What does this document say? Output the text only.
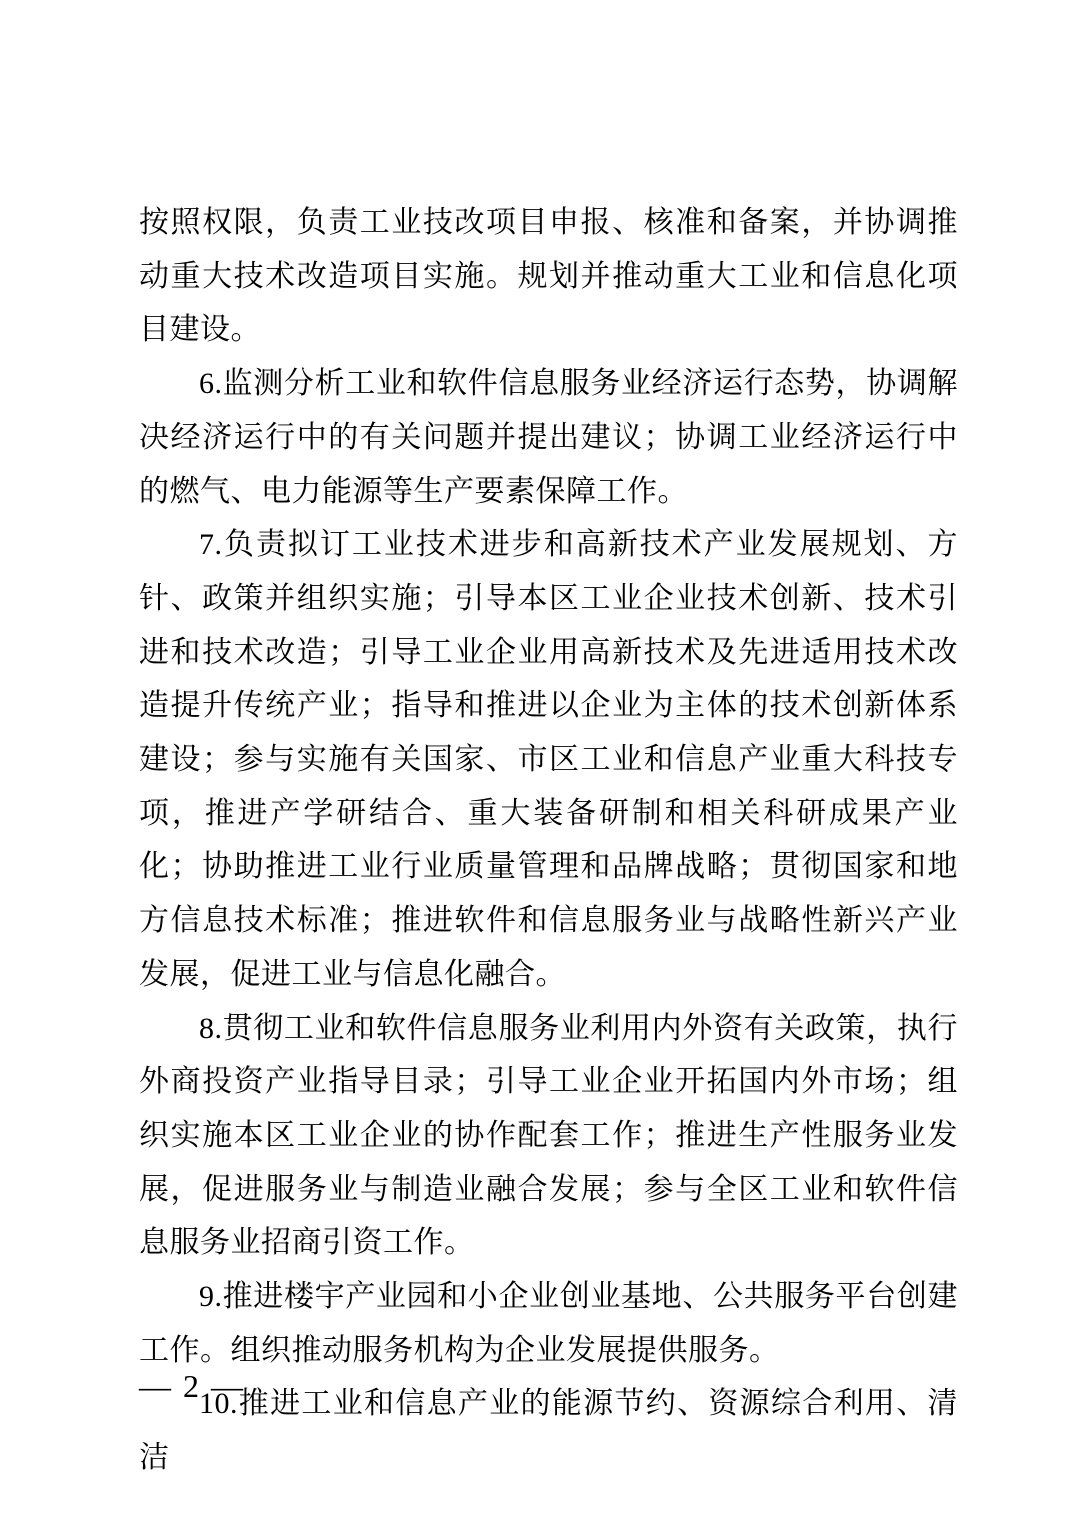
按照权限，负责工业技改项目申报、核准和备案，并协调推动重大技术改造项目实施。规划并推动重大工业和信息化项目建设。

6.监测分析工业和软件信息服务业经济运行态势，协调解决经济运行中的有关问题并提出建议；协调工业经济运行中的燃气、电力能源等生产要素保障工作。

7.负责拟订工业技术进步和高新技术产业发展规划、方针、政策并组织实施；引导本区工业企业技术创新、技术引进和技术改造；引导工业企业用高新技术及先进适用技术改造提升传统产业；指导和推进以企业为主体的技术创新体系建设；参与实施有关国家、市区工业和信息产业重大科技专项，推进产学研结合、重大装备研制和相关科研成果产业化；协助推进工业行业质量管理和品牌战略；贯彻国家和地方信息技术标准；推进软件和信息服务业与战略性新兴产业发展，促进工业与信息化融合。

8.贯彻工业和软件信息服务业利用内外资有关政策，执行外商投资产业指导目录；引导工业企业开拓国内外市场；组织实施本区工业企业的协作配套工作；推进生产性服务业发展，促进服务业与制造业融合发展；参与全区工业和软件信息服务业招商引资工作。

9.推进楼宇产业园和小企业创业基地、公共服务平台创建工作。组织推动服务机构为企业发展提供服务。

10.推进工业和信息产业的能源节约、资源综合利用、清洁

— 2 —
